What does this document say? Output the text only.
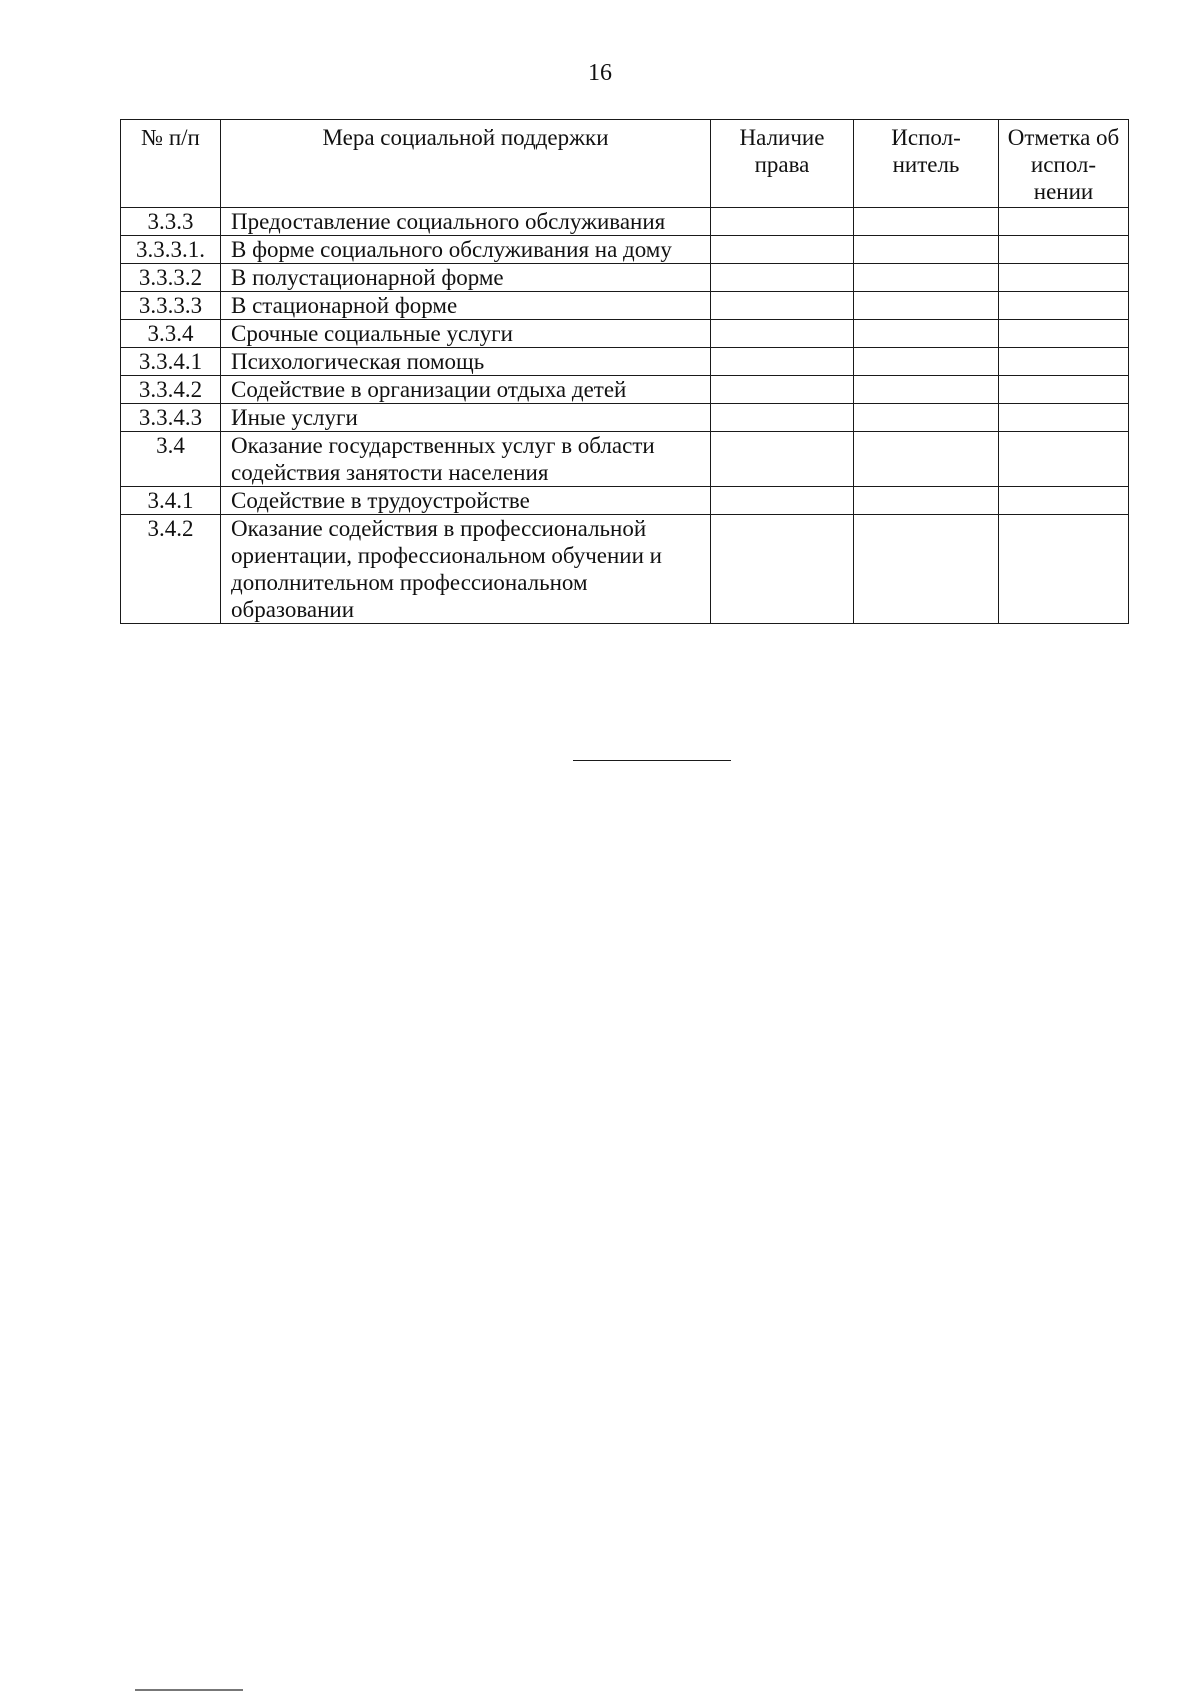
16
№ п/п	Мера социальной поддержки	Наличие права	Испол- нитель	Отметка об испол- нении
3.3.3	Предоставление социального обслуживания			
3.3.3.1.	В форме социального обслуживания на дому			
3.3.3.2	В полустационарной форме			
3.3.3.3	В стационарной форме			
3.3.4	Срочные социальные услуги			
3.3.4.1	Психологическая помощь			
3.3.4.2	Содействие в организации отдыха детей			
3.3.4.3	Иные услуги			
3.4	Оказание государственных услуг в области содействия занятости населения			
3.4.1	Содействие в трудоустройстве			
3.4.2	Оказание содействия в профессиональной ориентации, профессиональном обучении и дополнительном профессиональном образовании			
